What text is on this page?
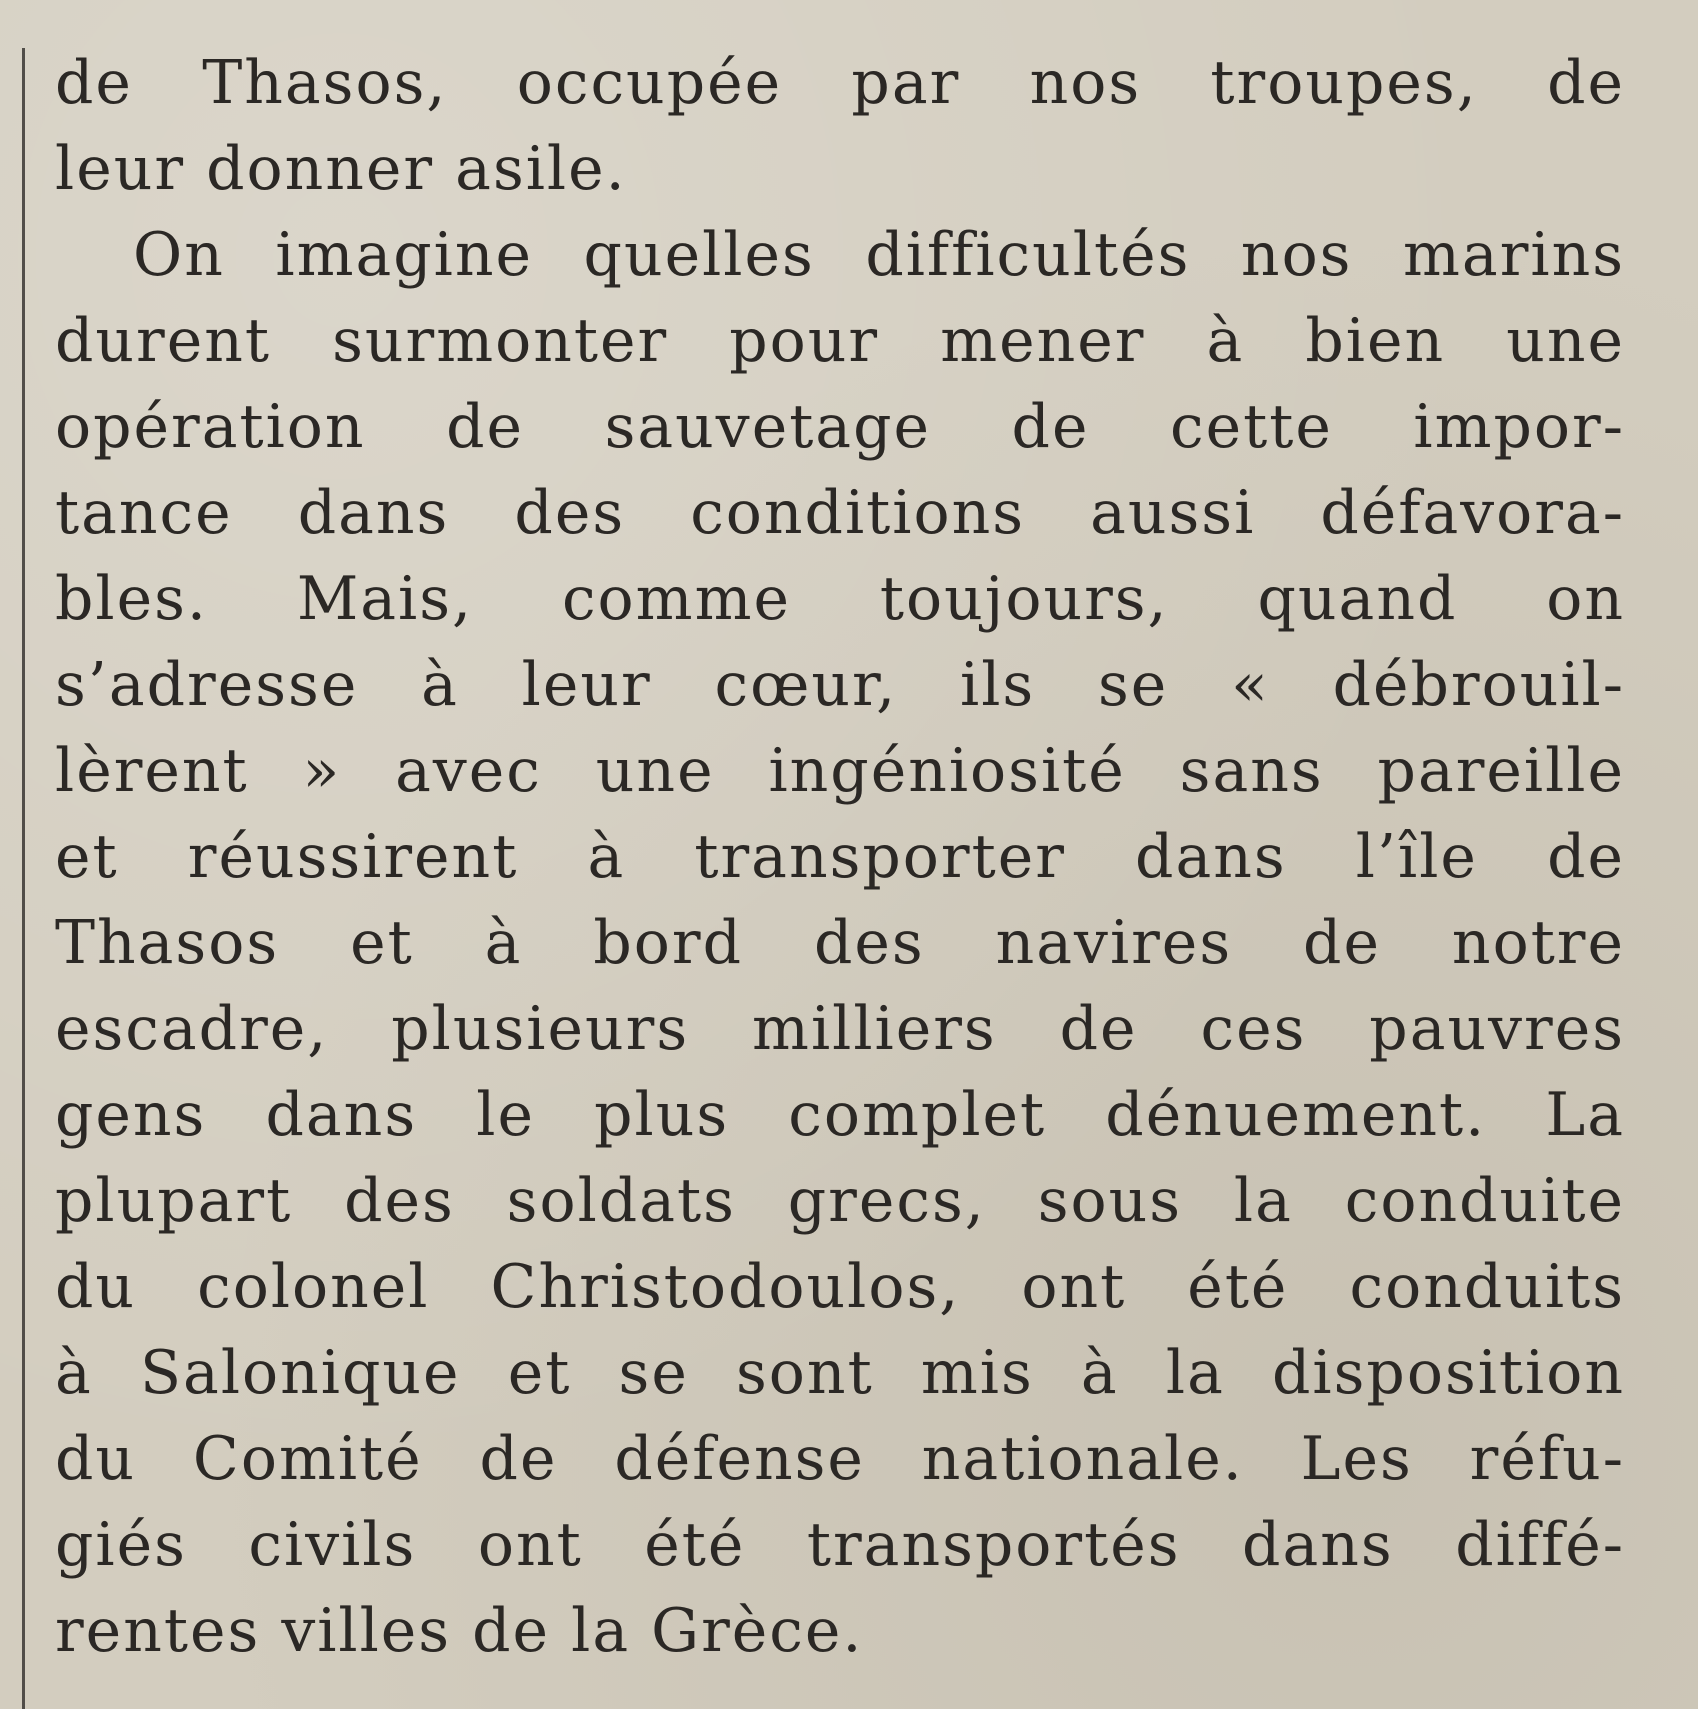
de Thasos, occupée par nos troupes, de
leur donner asile.
On imagine quelles difficultés nos marins
durent surmonter pour mener à bien une
opération de sauvetage de cette impor-
tance dans des conditions aussi défavora-
bles. Mais, comme toujours, quand on
s’adresse à leur cœur, ils se « débrouil-
lèrent » avec une ingéniosité sans pareille
et réussirent à transporter dans l’île de
Thasos et à bord des navires de notre
escadre, plusieurs milliers de ces pauvres
gens dans le plus complet dénuement. La
plupart des soldats grecs, sous la conduite
du colonel Christodoulos, ont été conduits
à Salonique et se sont mis à la disposition
du Comité de défense nationale. Les réfu-
giés civils ont été transportés dans diffé-
rentes villes de la Grèce.
